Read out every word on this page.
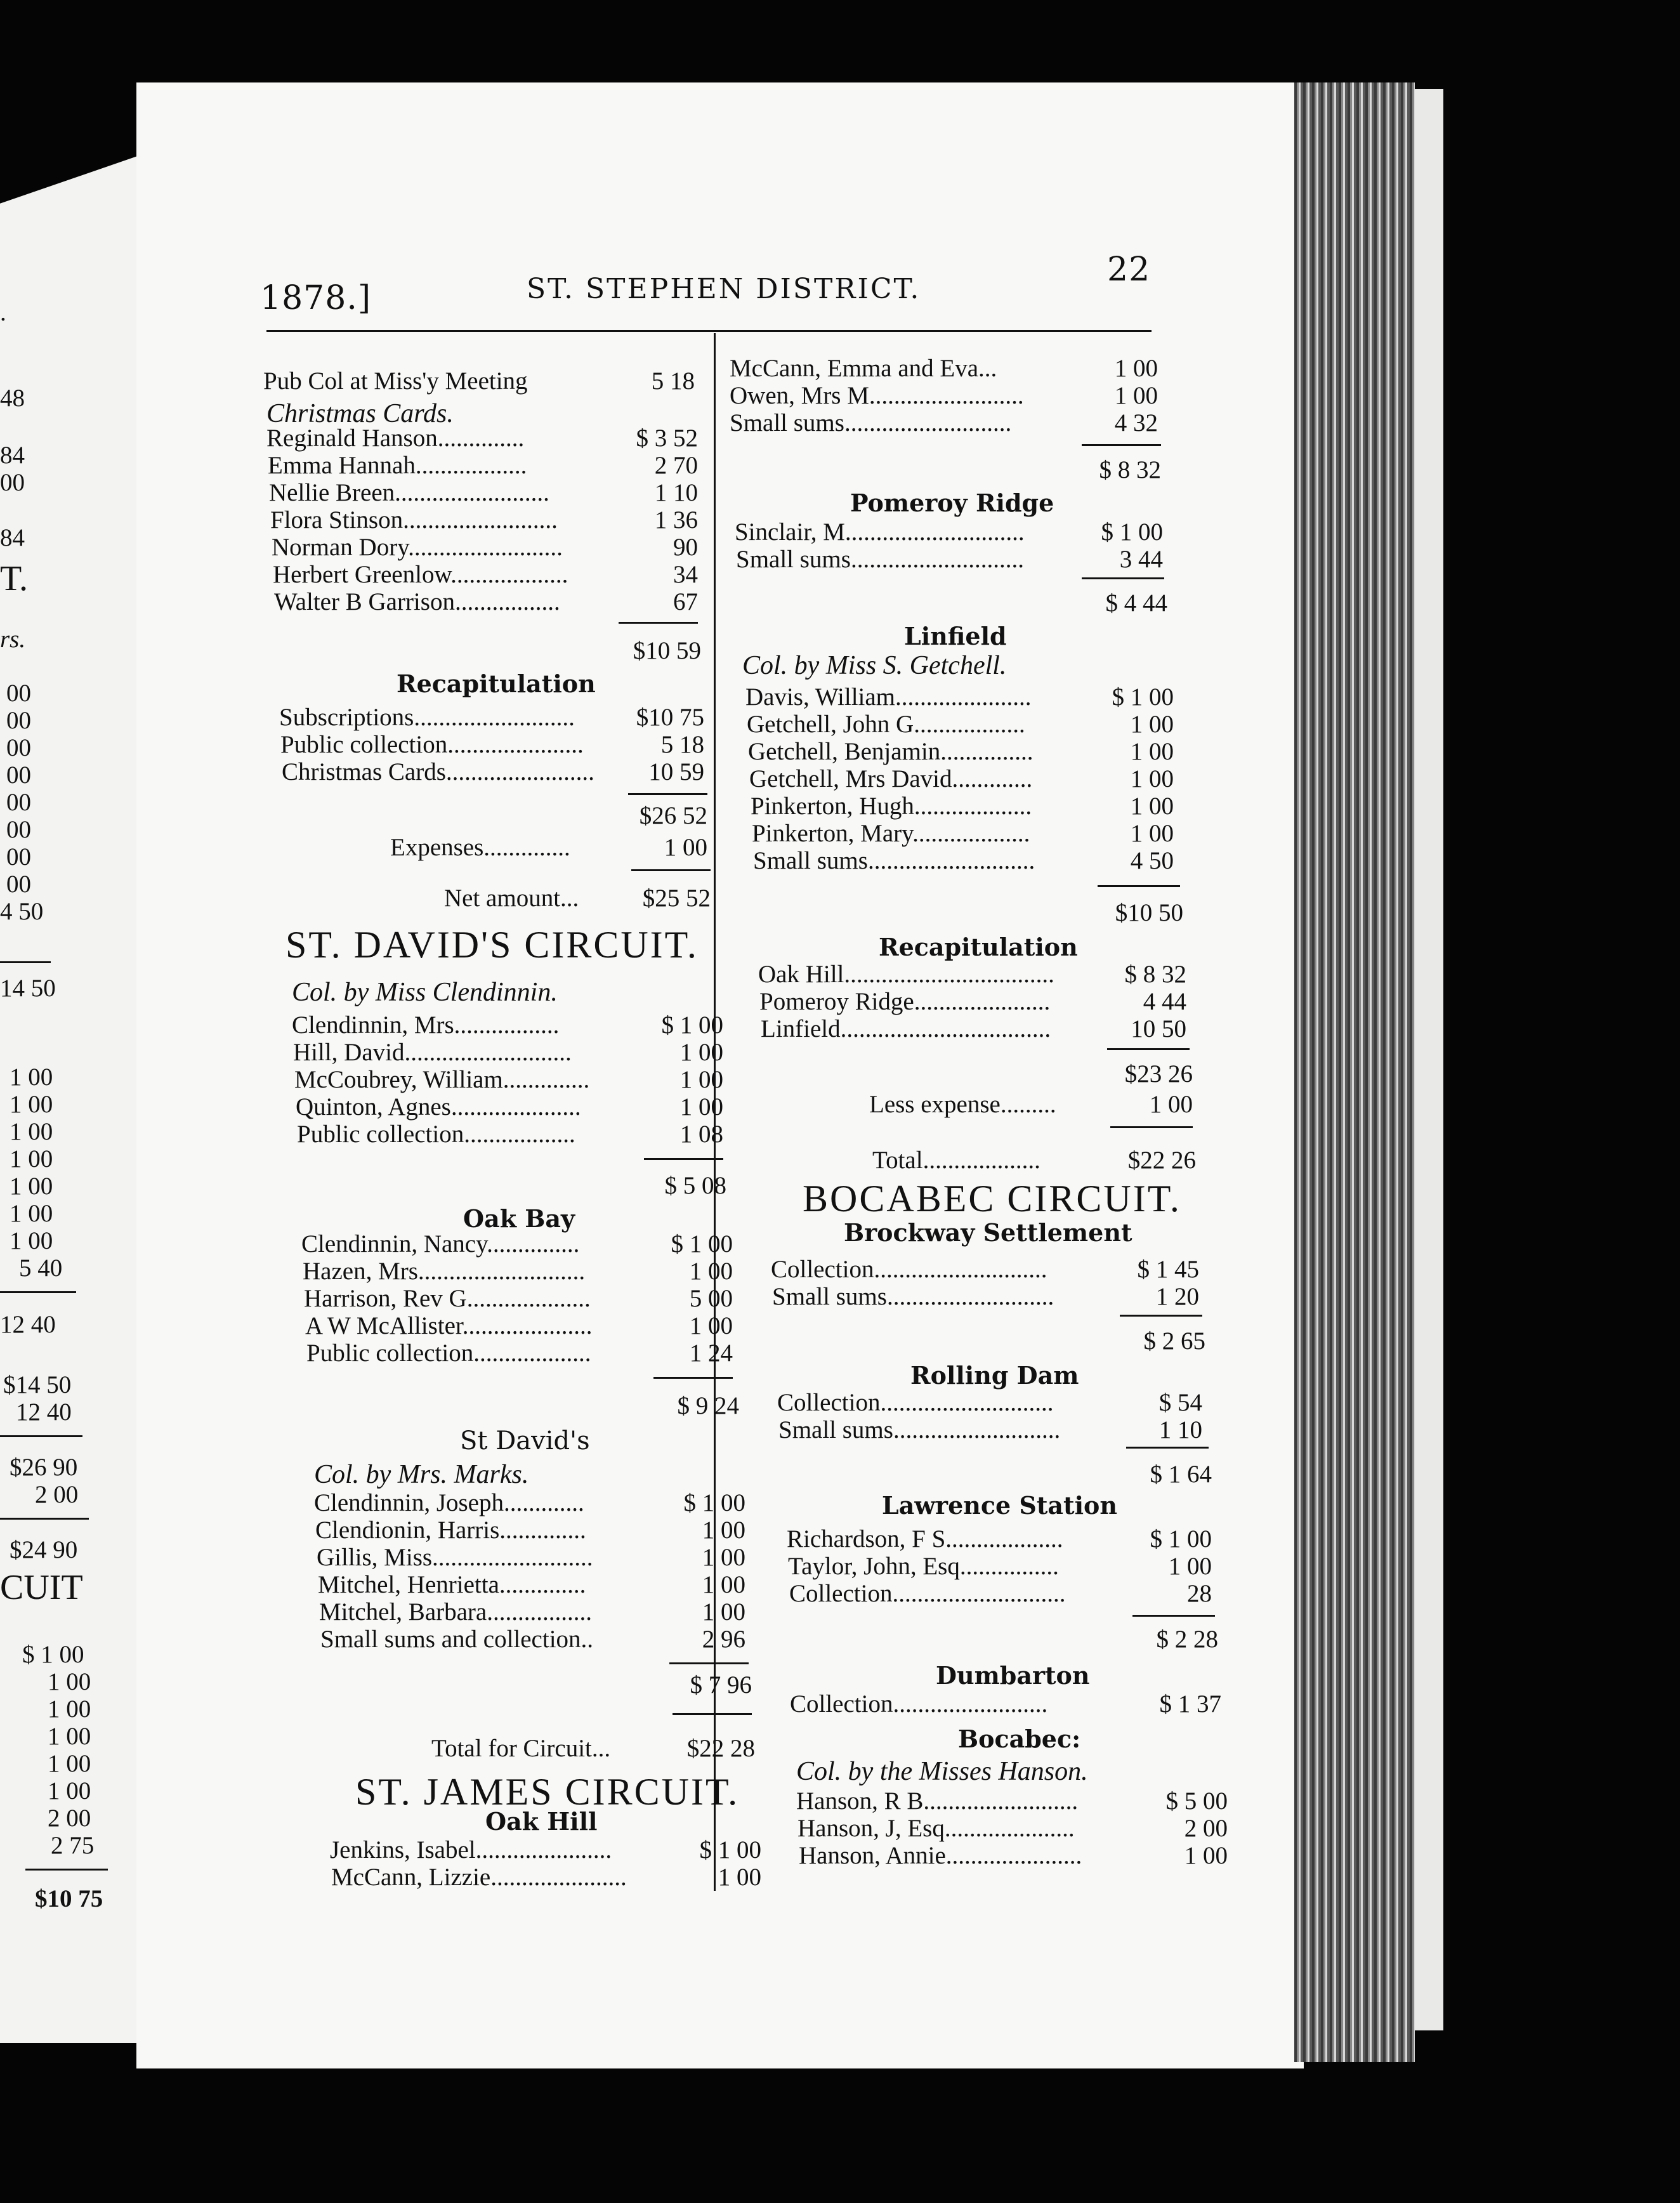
.
48
84
00
84
T.
rs.
00
00
00
00
00
00
00
00
4 50
14 50
1 00
1 00
1 00
1 00
1 00
1 00
1 00
5 40
12 40
$14 50
12 40
$26 90
2 00
$24 90
CUIT
$ 1 00
1 00
1 00
1 00
1 00
1 00
2 00
2 75
$10 75
1878.]	ST. STEPHEN DISTRICT.
22
Pub Col at Miss'y Meeting	5 18
Christmas Cards.
Reginald Hanson..............	$ 3 52
Emma Hannah..................	2 70
Nellie Breen.........................	1 10
Flora Stinson.........................	1 36
Norman Dory.........................	90
Herbert Greenlow...................	34
Walter B Garrison.................	67
$10 59
Recapitulation
Subscriptions.......................... $10 75
Public collection......................	5 18
Christmas Cards........................ 10 59
$26 52
Expenses..............	1 00
Net amount...	$25 52
ST. DAVID'S CIRCUIT.
Col. by Miss Clendinnin.
Clendinnin, Mrs.................	$ 1 00
Hill, David...........................	1 00
McCoubrey, William..............	1 00
Quinton, Agnes.....................	1 00
Public collection..................	1 08
$ 5 08
Oak Bay
Clendinnin, Nancy...............	$ 1 00
Hazen, Mrs...........................	1 00
Harrison, Rev G....................	5 00
A W McAllister.....................	1 00
Public collection...................	1 24
$ 9 24
St David's
Col. by Mrs. Marks.
Clendinnin, Joseph.............	$ 1 00
Clendionin, Harris..............	1 00
Gillis, Miss..........................	1 00
Mitchel, Henrietta..............	1 00
Mitchel, Barbara.................	1 00
Small sums and collection..	2 96
$ 7 96
Total for Circuit...	$22 28
ST. JAMES CIRCUIT.
Oak Hill
Jenkins, Isabel......................	$ 1 00
McCann, Lizzie......................	1 00
McCann, Emma and Eva...	1 00
Owen, Mrs M.........................	1 00
Small sums...........................	4 32
$ 8 32
Pomeroy Ridge
Sinclair, M.............................	$ 1 00
Small sums............................	3 44
$ 4 44
Linfield
Col. by Miss S. Getchell.
Davis, William......................	$ 1 00
Getchell, John G..................	1 00
Getchell, Benjamin...............	1 00
Getchell, Mrs David.............	1 00
Pinkerton, Hugh...................	1 00
Pinkerton, Mary...................	1 00
Small sums...........................	4 50
$10 50
Recapitulation
Oak Hill..................................	$ 8 32
Pomeroy Ridge......................	4 44
Linfield..................................	10 50
$23 26
Less expense.........	1 00
Total...................	$22 26
BOCABEC CIRCUIT.
Brockway Settlement
Collection............................	$ 1 45
Small sums...........................	1 20
$ 2 65
Rolling Dam
Collection............................	$ 54
Small sums...........................	1 10
$ 1 64
Lawrence Station
Richardson, F S...................	$ 1 00
Taylor, John, Esq................	1 00
Collection............................	28
$ 2 28
Dumbarton
Collection.........................	$ 1 37
Bocabec:
Col. by the Misses Hanson.
Hanson, R B.........................	$ 5 00
Hanson, J, Esq.....................	2 00
Hanson, Annie......................	1 00
